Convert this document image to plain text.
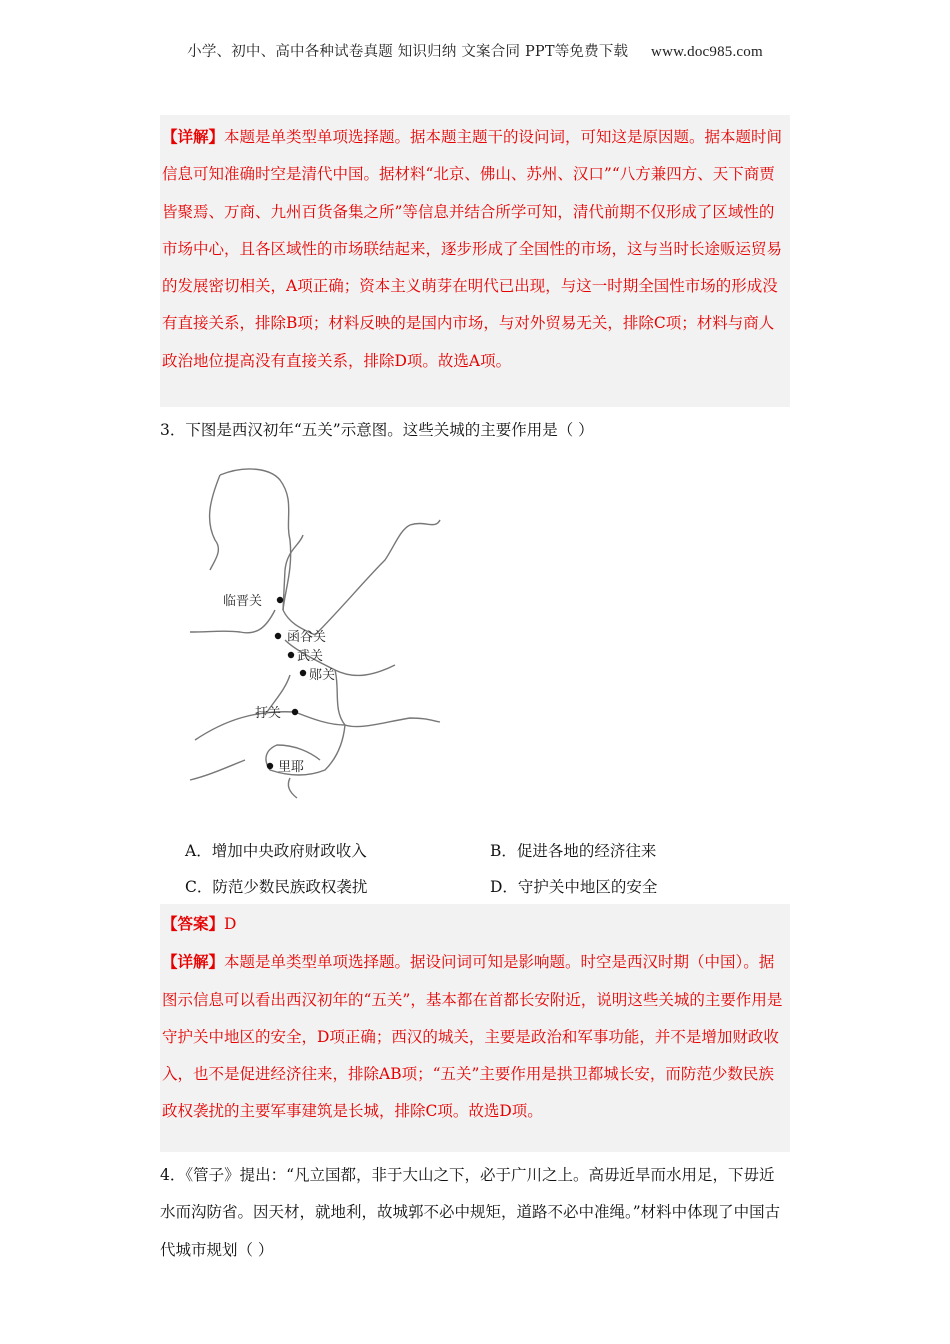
小学、初中、高中各种试卷真题 知识归纳 文案合同 PPT等免费下载 www.doc985.com
【详解】本题是单类型单项选择题。据本题主题干的设问词，可知这是原因题。据本题时间信息可知准确时空是清代中国。据材料“北京、佛山、苏州、汉口”“八方兼四方、天下商贾皆聚焉、万商、九州百货备集之所”等信息并结合所学可知，清代前期不仅形成了区域性的市场中心，且各区域性的市场联结起来，逐步形成了全国性的市场，这与当时长途贩运贸易的发展密切相关，A项正确；资本主义萌芽在明代已出现，与这一时期全国性市场的形成没有直接关系，排除B项；材料反映的是国内市场，与对外贸易无关，排除C项；材料与商人政治地位提高没有直接关系，排除D项。故选A项。
3．下图是西汉初年“五关”示意图。这些关城的主要作用是（ ）
临晋关
函谷关
武关
郧关
扜关
里耶
A．增加中央政府财政收入	B．促进各地的经济往来
C．防范少数民族政权袭扰	D．守护关中地区的安全
【答案】D
【详解】本题是单类型单项选择题。据设问词可知是影响题。时空是西汉时期（中国）。据图示信息可以看出西汉初年的“五关”，基本都在首都长安附近，说明这些关城的主要作用是守护关中地区的安全，D项正确；西汉的城关，主要是政治和军事功能，并不是增加财政收入，也不是促进经济往来，排除AB项；“五关”主要作用是拱卫都城长安，而防范少数民族政权袭扰的主要军事建筑是长城，排除C项。故选D项。
4．《管子》提出：“凡立国都，非于大山之下，必于广川之上。高毋近旱而水用足，下毋近水而沟防省。因天材，就地利，故城郭不必中规矩，道路不必中准绳。”材料中体现了中国古代城市规划（ ）
